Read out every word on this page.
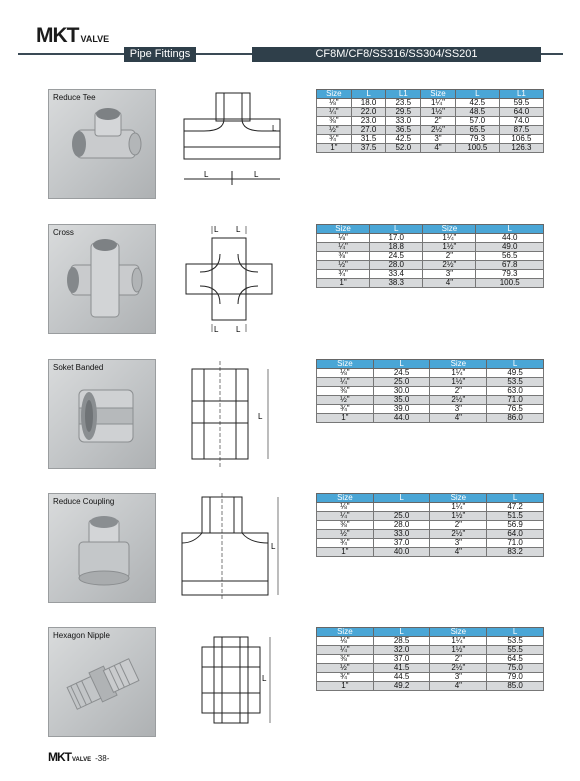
MKT VALVE
Pipe Fittings	CF8M/CF8/SS316/SS304/SS201
Reduce Tee
L	L
L
Size	L	L1	Size	L	L1
⅛"	18.0	23.5	1¼"	42.5	59.5
¼"	22.0	29.5	1½"	48.5	64.0
⅜"	23.0	33.0	2"	57.0	74.0
½"	27.0	36.5	2½"	65.5	87.5
¾"	31.5	42.5	3"	79.3	106.5
1"	37.5	52.0	4"	100.5	126.3
Cross	L L
L L
Size	L	Size	L
⅛"	17.0	1¼"	44.0
¼"	18.8	1½"	49.0
⅜"	24.5	2"	56.5
½"	28.0	2½"	67.8
¾"	33.4	3"	79.3
1"	38.3	4"	100.5
Soket Banded
L
Size	L	Size	L
⅛"	24.5	1¼"	49.5
¼"	25.0	1½"	53.5
⅜"	30.0	2"	63.0
½"	35.0	2½"	71.0
¾"	39.0	3"	76.5
1"	44.0	4"	86.0
Reduce Coupling
L
Size	L	Size	L
⅛"		1¼"	47.2
¼"	25.0	1½"	51.5
⅜"	28.0	2"	56.9
½"	33.0	2½"	64.0
¾"	37.0	3"	71.0
1"	40.0	4"	83.2
Hexagon Nipple
L
Size	L	Size	L
⅛"	28.5	1¼"	53.5
¼"	32.0	1½"	55.5
⅜"	37.0	2"	64.5
½"	41.5	2½"	75.0
¾"	44.5	3"	79.0
1"	49.2	4"	85.0
MKT VALVE -38-
